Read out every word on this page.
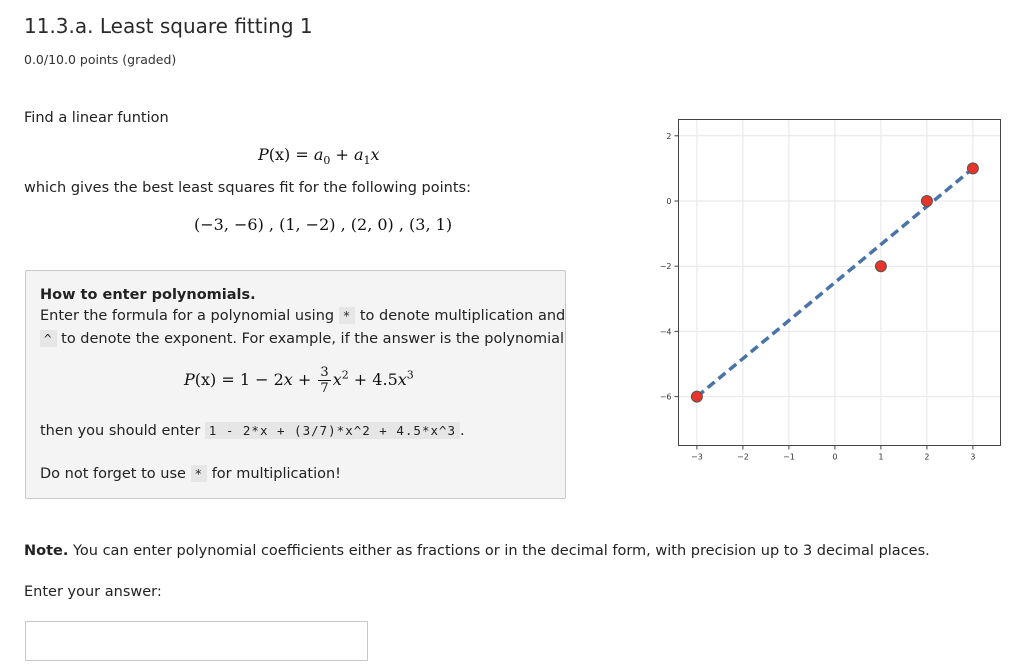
11.3.a. Least square fitting 1
0.0/10.0 points (graded)
Find a linear funtion
$P(x) = a_0 + a_1x$
which gives the best least squares fit for the following points:
(−3, −6) , (1, −2) , (2, 0) , (3, 1)
How to enter polynomials.
Enter the formula for a polynomial using * to denote multiplication and
^ to denote the exponent. For example, if the answer is the polynomial
$P(x) = 1 - 2x + \frac{3}{7} x^2 + 4.5x^3$
then you should enter 1 - 2*x + (3/7)*x^2 + 4.5*x^3 .
Do not forget to use * for multiplication!
−3	−2	−1	0	1	2	3
2
0
−2
−4
−6
Note. You can enter polynomial coefficients either as fractions or in the decimal form, with precision up to 3 decimal places.
Enter your answer:
